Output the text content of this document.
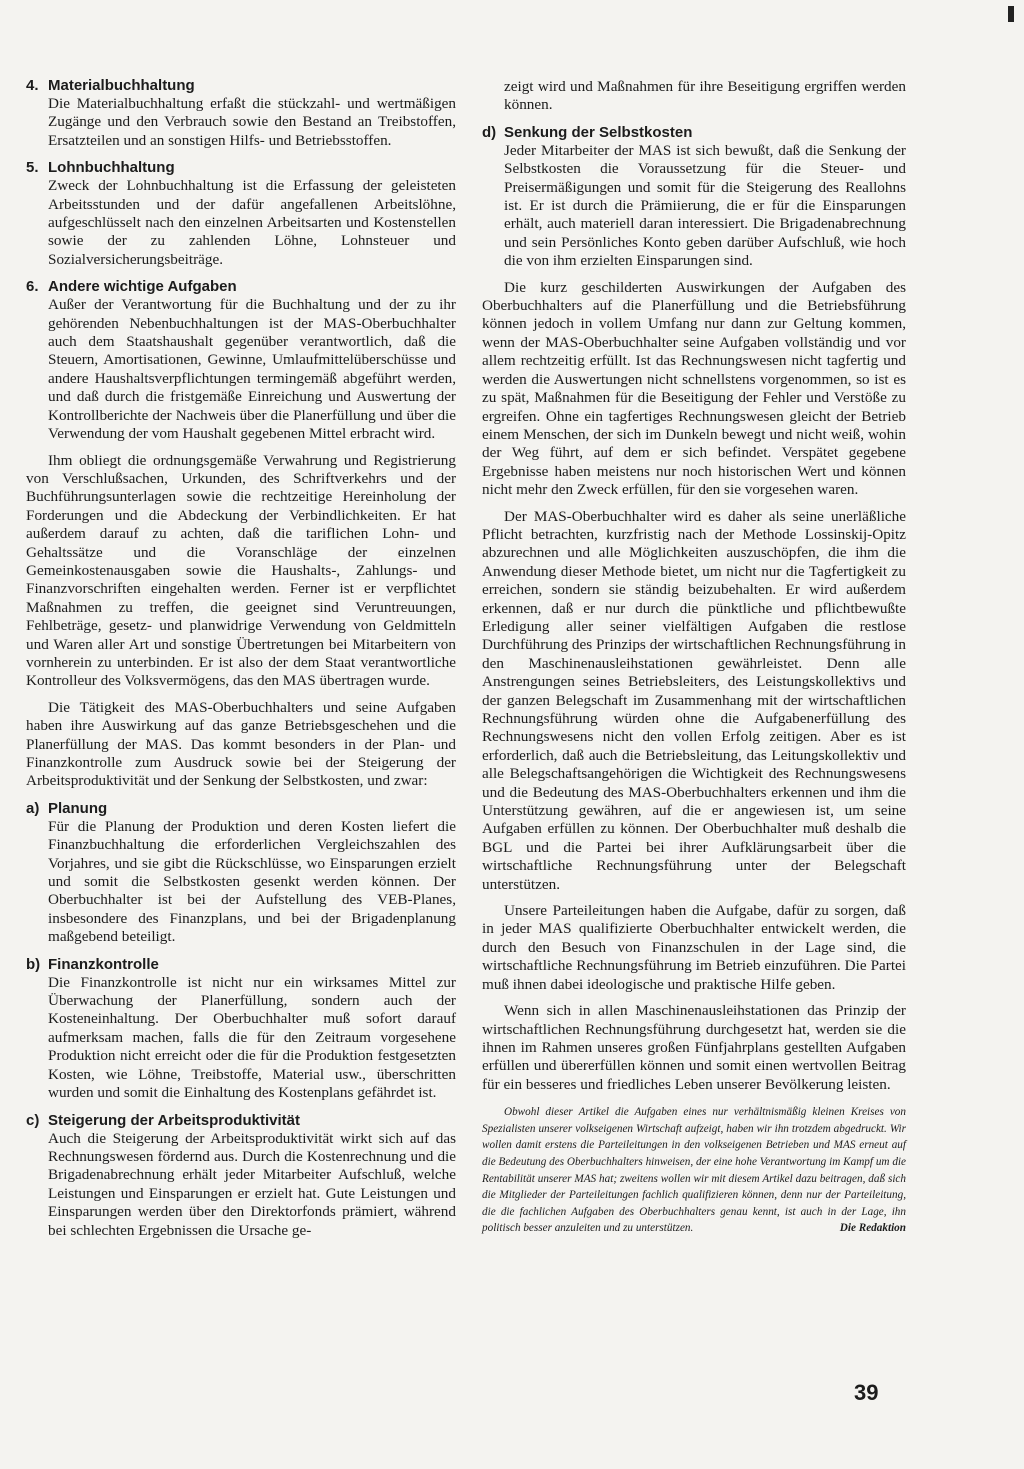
4. Materialbuchhaltung

Die Materialbuchhaltung erfaßt die stückzahl- und wertmäßigen Zugänge und den Verbrauch sowie den Bestand an Treibstoffen, Ersatzteilen und an sonstigen Hilfs- und Betriebsstoffen.

5. Lohnbuchhaltung

Zweck der Lohnbuchhaltung ist die Erfassung der geleisteten Arbeitsstunden und der dafür angefallenen Arbeitslöhne, aufgeschlüsselt nach den einzelnen Arbeitsarten und Kostenstellen sowie der zu zahlenden Löhne, Lohnsteuer und Sozialversicherungsbeiträge.

6. Andere wichtige Aufgaben

Außer der Verantwortung für die Buchhaltung und der zu ihr gehörenden Nebenbuchhaltungen ist der MAS-Oberbuchhalter auch dem Staatshaushalt gegenüber verantwortlich, daß die Steuern, Amortisationen, Gewinne, Umlaufmittelüberschüsse und andere Haushaltsverpflichtungen termingemäß abgeführt werden, und daß durch die fristgemäße Einreichung und Auswertung der Kontrollberichte der Nachweis über die Planerfüllung und über die Verwendung der vom Haushalt gegebenen Mittel erbracht wird.

Ihm obliegt die ordnungsgemäße Verwahrung und Registrierung von Verschlußsachen, Urkunden, des Schriftverkehrs und der Buchführungsunterlagen sowie die rechtzeitige Hereinholung der Forderungen und die Abdeckung der Verbindlichkeiten. Er hat außerdem darauf zu achten, daß die tariflichen Lohn- und Gehaltssätze und die Voranschläge der einzelnen Gemeinkostenausgaben sowie die Haushalts-, Zahlungs- und Finanzvorschriften eingehalten werden. Ferner ist er verpflichtet Maßnahmen zu treffen, die geeignet sind Veruntreuungen, Fehlbeträge, gesetz- und planwidrige Verwendung von Geldmitteln und Waren aller Art und sonstige Übertretungen bei Mitarbeitern von vornherein zu unterbinden. Er ist also der dem Staat verantwortliche Kontrolleur des Volksvermögens, das den MAS übertragen wurde.

Die Tätigkeit des MAS-Oberbuchhalters und seine Aufgaben haben ihre Auswirkung auf das ganze Betriebsgeschehen und die Planerfüllung der MAS. Das kommt besonders in der Plan- und Finanzkontrolle zum Ausdruck sowie bei der Steigerung der Arbeitsproduktivität und der Senkung der Selbstkosten, und zwar:

a) Planung

Für die Planung der Produktion und deren Kosten liefert die Finanzbuchhaltung die erforderlichen Vergleichszahlen des Vorjahres, und sie gibt die Rückschlüsse, wo Einsparungen erzielt und somit die Selbstkosten gesenkt werden können. Der Oberbuchhalter ist bei der Aufstellung des VEB-Planes, insbesondere des Finanzplans, und bei der Brigadenplanung maßgebend beteiligt.

b) Finanzkontrolle

Die Finanzkontrolle ist nicht nur ein wirksames Mittel zur Überwachung der Planerfüllung, sondern auch der Kosteneinhaltung. Der Oberbuchhalter muß sofort darauf aufmerksam machen, falls die für den Zeitraum vorgesehene Produktion nicht erreicht oder die für die Produktion festgesetzten Kosten, wie Löhne, Treibstoffe, Material usw., überschritten wurden und somit die Einhaltung des Kostenplans gefährdet ist.

c) Steigerung der Arbeitsproduktivität

Auch die Steigerung der Arbeitsproduktivität wirkt sich auf das Rechnungswesen fördernd aus. Durch die Kostenrechnung und die Brigadenabrechnung erhält jeder Mitarbeiter Aufschluß, welche Leistungen und Einsparungen er erzielt hat. Gute Leistungen und Einsparungen werden über den Direktorfonds prämiert, während bei schlechten Ergebnissen die Ursache ge-

zeigt wird und Maßnahmen für ihre Beseitigung ergriffen werden können.

d) Senkung der Selbstkosten

Jeder Mitarbeiter der MAS ist sich bewußt, daß die Senkung der Selbstkosten die Voraussetzung für die Steuer- und Preisermäßigungen und somit für die Steigerung des Reallohns ist. Er ist durch die Prämiierung, die er für die Einsparungen erhält, auch materiell daran interessiert. Die Brigadenabrechnung und sein Persönliches Konto geben darüber Aufschluß, wie hoch die von ihm erzielten Einsparungen sind.

Die kurz geschilderten Auswirkungen der Aufgaben des Oberbuchhalters auf die Planerfüllung und die Betriebsführung können jedoch in vollem Umfang nur dann zur Geltung kommen, wenn der MAS-Oberbuchhalter seine Aufgaben vollständig und vor allem rechtzeitig erfüllt. Ist das Rechnungswesen nicht tagfertig und werden die Auswertungen nicht schnellstens vorgenommen, so ist es zu spät, Maßnahmen für die Beseitigung der Fehler und Verstöße zu ergreifen. Ohne ein tagfertiges Rechnungswesen gleicht der Betrieb einem Menschen, der sich im Dunkeln bewegt und nicht weiß, wohin der Weg führt, auf dem er sich befindet. Verspätet gegebene Ergebnisse haben meistens nur noch historischen Wert und können nicht mehr den Zweck erfüllen, für den sie vorgesehen waren.

Der MAS-Oberbuchhalter wird es daher als seine unerläßliche Pflicht betrachten, kurzfristig nach der Methode Lossinskij-Opitz abzurechnen und alle Möglichkeiten auszuschöpfen, die ihm die Anwendung dieser Methode bietet, um nicht nur die Tagfertigkeit zu erreichen, sondern sie ständig beizubehalten. Er wird außerdem erkennen, daß er nur durch die pünktliche und pflichtbewußte Erledigung aller seiner vielfältigen Aufgaben die restlose Durchführung des Prinzips der wirtschaftlichen Rechnungsführung in den Maschinenausleihstationen gewährleistet. Denn alle Anstrengungen seines Betriebsleiters, des Leistungskollektivs und der ganzen Belegschaft im Zusammenhang mit der wirtschaftlichen Rechnungsführung würden ohne die Aufgabenerfüllung des Rechnungswesens nicht den vollen Erfolg zeitigen. Aber es ist erforderlich, daß auch die Betriebsleitung, das Leitungskollektiv und alle Belegschaftsangehörigen die Wichtigkeit des Rechnungswesens und die Bedeutung des MAS-Oberbuchhalters erkennen und ihm die Unterstützung gewähren, auf die er angewiesen ist, um seine Aufgaben erfüllen zu können. Der Oberbuchhalter muß deshalb die BGL und die Partei bei ihrer Aufklärungsarbeit über die wirtschaftliche Rechnungsführung unter der Belegschaft unterstützen.

Unsere Parteileitungen haben die Aufgabe, dafür zu sorgen, daß in jeder MAS qualifizierte Oberbuchhalter entwickelt werden, die durch den Besuch von Finanzschulen in der Lage sind, die wirtschaftliche Rechnungsführung im Betrieb einzuführen. Die Partei muß ihnen dabei ideologische und praktische Hilfe geben.

Wenn sich in allen Maschinenausleihstationen das Prinzip der wirtschaftlichen Rechnungsführung durchgesetzt hat, werden sie die ihnen im Rahmen unseres großen Fünfjahrplans gestellten Aufgaben erfüllen und übererfüllen können und somit einen wertvollen Beitrag für ein besseres und friedliches Leben unserer Bevölkerung leisten.

Obwohl dieser Artikel die Aufgaben eines nur verhältnismäßig kleinen Kreises von Spezialisten unserer volkseigenen Wirtschaft aufzeigt, haben wir ihn trotzdem abgedruckt. Wir wollen damit erstens die Parteileitungen in den volkseigenen Betrieben und MAS erneut auf die Bedeutung des Oberbuchhalters hinweisen, der eine hohe Verantwortung im Kampf um die Rentabilität unserer MAS hat; zweitens wollen wir mit diesem Artikel dazu beitragen, daß sich die Mitglieder der Parteileitungen fachlich qualifizieren können, denn nur der Parteileitung, die die fachlichen Aufgaben des Oberbuchhalters genau kennt, ist auch in der Lage, ihn politisch besser anzuleiten und zu unterstützen.	Die Redaktion
39
